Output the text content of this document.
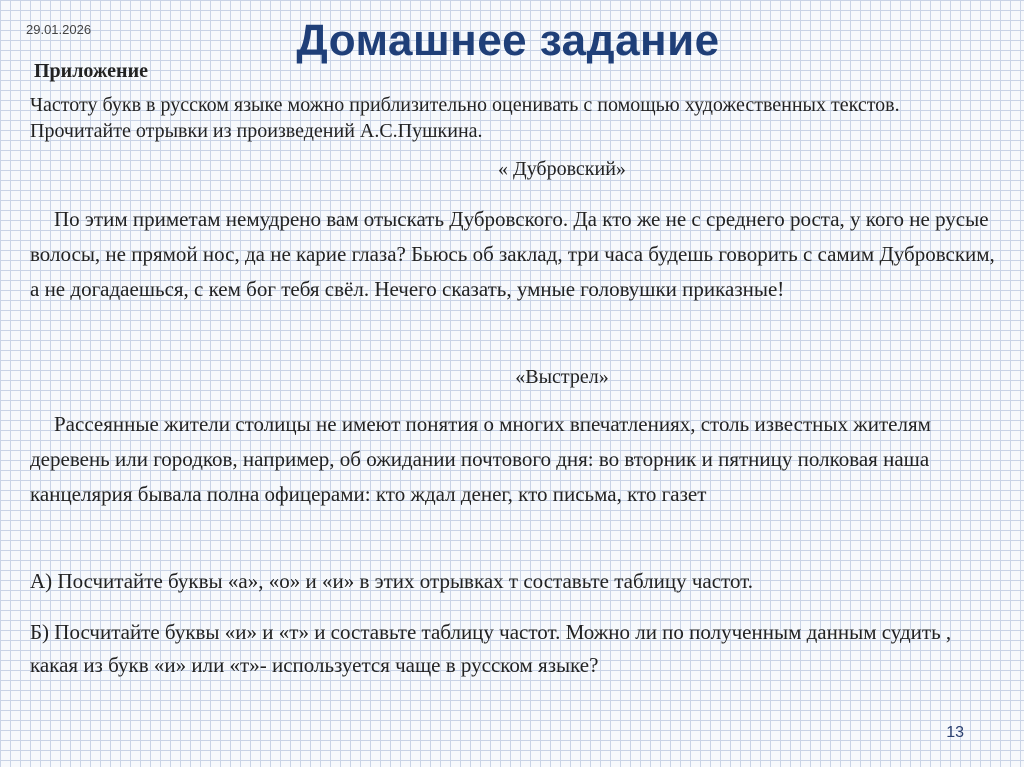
29.01.2026	Домашнее задание
Приложение
Частоту букв в русском языке можно приблизительно оценивать с помощью художественных текстов. Прочитайте отрывки из произведений А.С.Пушкина.
« Дубровский»
По этим приметам немудрено вам отыскать Дубровского. Да кто же не с среднего роста, у кого не русые волосы, не прямой нос, да не карие глаза? Бьюсь об заклад, три часа будешь говорить с самим Дубровским, а не догадаешься, с кем бог тебя свёл. Нечего сказать, умные головушки приказные!
«Выстрел»
Рассеянные жители столицы не имеют понятия о многих впечатлениях, столь известных жителям деревень или городков, например, об ожидании почтового дня: во вторник и пятницу полковая наша канцелярия бывала полна офицерами: кто ждал денег, кто письма, кто газет
А) Посчитайте буквы «а», «о» и «и» в этих отрывках т составьте таблицу частот.
Б) Посчитайте буквы «и» и «т» и составьте таблицу частот. Можно ли по полученным данным судить , какая из букв «и» или «т»- используется чаще в русском языке?
13
